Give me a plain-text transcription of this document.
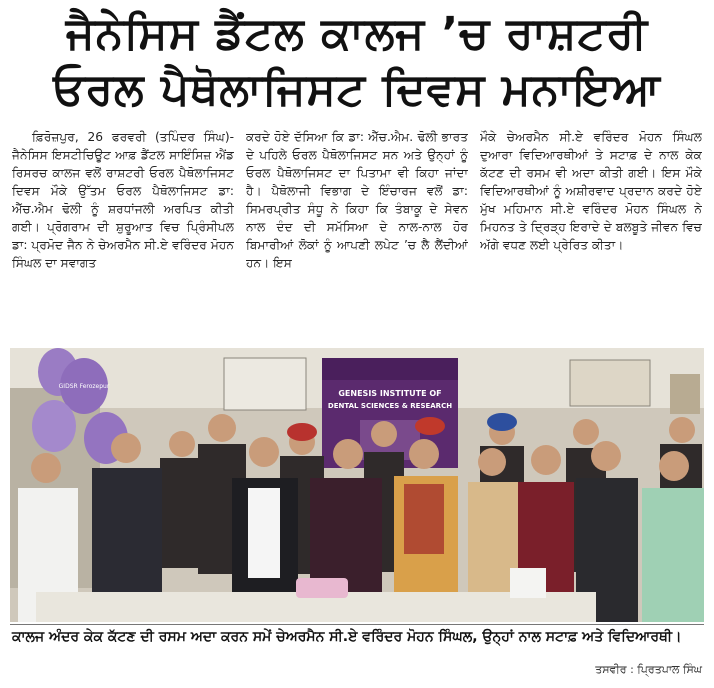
ਜੈਨੇਸਿਸ ਡੈਂਟਲ ਕਾਲਜ ’ਚ ਰਾਸ਼ਟਰੀ
ਓਰਲ ਪੈਥੋਲਾਜਿਸਟ ਦਿਵਸ ਮਨਾਇਆ

ਫ਼ਿਰੋਜ਼ਪੁਰ, 26 ਫਰਵਰੀ (ਤਪਿੰਦਰ ਸਿੰਘ)-ਜੈਨੇਸਿਸ ਇਸਟੀਚਿਊਟ ਆਫ਼ ਡੈਂਟਲ ਸਾਇੰਸਿਜ਼ ਐਂਡ ਰਿਸਰਚ ਕਾਲਜ ਵਲੋਂ ਰਾਸ਼ਟਰੀ ਓਰਲ ਪੈਥੋਲਾਜਿਸਟ ਦਿਵਸ ਮੌਕੇ ਉੱਤਮ ਓਰਲ ਪੈਥੋਲਾਜਿਸਟ ਡਾ: ਐੱਚ.ਐਮ ਢੋਲੀ ਨੂੰ ਸ਼ਰਧਾਂਜਲੀ ਅਰਪਿਤ ਕੀਤੀ ਗਈ। ਪ੍ਰੋਗਰਾਮ ਦੀ ਸ਼ੁਰੂਆਤ ਵਿਚ ਪ੍ਰਿੰਸੀਪਲ ਡਾ: ਪ੍ਰਮੋਦ ਜੈਨ ਨੇ ਚੇਅਰਮੈਨ ਸੀ.ਏ ਵਰਿੰਦਰ ਮੋਹਨ ਸਿੰਘਲ ਦਾ ਸਵਾਗਤ

ਕਰਦੇ ਹੋਏ ਦੱਸਿਆ ਕਿ ਡਾ: ਐੱਚ.ਐਮ. ਢੋਲੀ ਭਾਰਤ ਦੇ ਪਹਿਲੇ ਓਰਲ ਪੈਥੋਲਾਜਿਸਟ ਸਨ ਅਤੇ ਉਨ੍ਹਾਂ ਨੂੰ ਓਰਲ ਪੈਥੋਲਾਜਿਸਟ ਦਾ ਪਿਤਾਮਾ ਵੀ ਕਿਹਾ ਜਾਂਦਾ ਹੈ। ਪੈਥੋਲਾਜੀ ਵਿਭਾਗ ਦੇ ਇੰਚਾਰਜ ਵਲੋਂ ਡਾ: ਸਿਮਰਪ੍ਰੀਤ ਸੰਧੂ ਨੇ ਕਿਹਾ ਕਿ ਤੰਬਾਕੂ ਦੇ ਸੇਵਨ ਨਾਲ ਦੰਦ ਦੀ ਸਮੱਸਿਆ ਦੇ ਨਾਲ-ਨਾਲ ਹੋਰ ਬਿਮਾਰੀਆਂ ਲੋਕਾਂ ਨੂੰ ਆਪਣੀ ਲਪੇਟ ’ਚ ਲੈ ਲੈਂਦੀਆਂ ਹਨ। ਇਸ

ਮੌਕੇ ਚੇਅਰਮੈਨ ਸੀ.ਏ ਵਰਿੰਦਰ ਮੋਹਨ ਸਿੰਘਲ ਦੁਆਰਾ ਵਿਦਿਆਰਥੀਆਂ ਤੇ ਸਟਾਫ਼ ਦੇ ਨਾਲ ਕੇਕ ਕੱਟਣ ਦੀ ਰਸਮ ਵੀ ਅਦਾ ਕੀਤੀ ਗਈ। ਇਸ ਮੌਕੇ ਵਿਦਿਆਰਥੀਆਂ ਨੂੰ ਅਸ਼ੀਰਵਾਦ ਪ੍ਰਦਾਨ ਕਰਦੇ ਹੋਏ ਮੁੱਖ ਮਹਿਮਾਨ ਸੀ.ਏ ਵਰਿੰਦਰ ਮੋਹਨ ਸਿੰਘਲ ਨੇ ਮਿਹਨਤ ਤੇ ਦ੍ਰਿੜ੍ਹ ਇਰਾਦੇ ਦੇ ਬਲਬੂਤੇ ਜੀਵਨ ਵਿਚ ਅੱਗੇ ਵਧਣ ਲਈ ਪ੍ਰੇਰਿਤ ਕੀਤਾ।

GENESIS INSTITUTE OF
DENTAL SCIENCES & RESEARCH
GIDSR Ferozepur
ਕਾਲਜ ਅੰਦਰ ਕੇਕ ਕੱਟਣ ਦੀ ਰਸਮ ਅਦਾ ਕਰਨ ਸਮੇਂ ਚੇਅਰਮੈਨ ਸੀ.ਏ ਵਰਿੰਦਰ ਮੋਹਨ ਸਿੰਘਲ, ਉਨ੍ਹਾਂ ਨਾਲ ਸਟਾਫ਼ ਅਤੇ ਵਿਦਿਆਰਥੀ।
ਤਸਵੀਰ : ਪ੍ਰਿਤਪਾਲ ਸਿੰਘ
